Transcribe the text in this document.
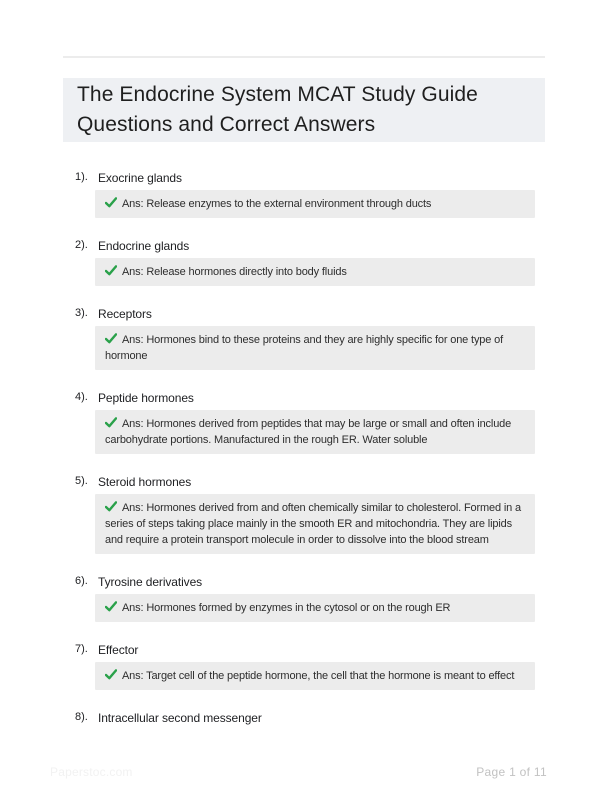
The Endocrine System MCAT Study Guide Questions and Correct Answers
1). Exocrine glands
Ans: Release enzymes to the external environment through ducts
2). Endocrine glands
Ans: Release hormones directly into body fluids
3). Receptors
Ans: Hormones bind to these proteins and they are highly specific for one type of hormone
4). Peptide hormones
Ans: Hormones derived from peptides that may be large or small and often include carbohydrate portions. Manufactured in the rough ER. Water soluble
5). Steroid hormones
Ans: Hormones derived from and often chemically similar to cholesterol. Formed in a series of steps taking place mainly in the smooth ER and mitochondria. They are lipids and require a protein transport molecule in order to dissolve into the blood stream
6). Tyrosine derivatives
Ans: Hormones formed by enzymes in the cytosol or on the rough ER
7). Effector
Ans: Target cell of the peptide hormone, the cell that the hormone is meant to effect
8). Intracellular second messenger
Paperstoc.com	Page 1 of 11
